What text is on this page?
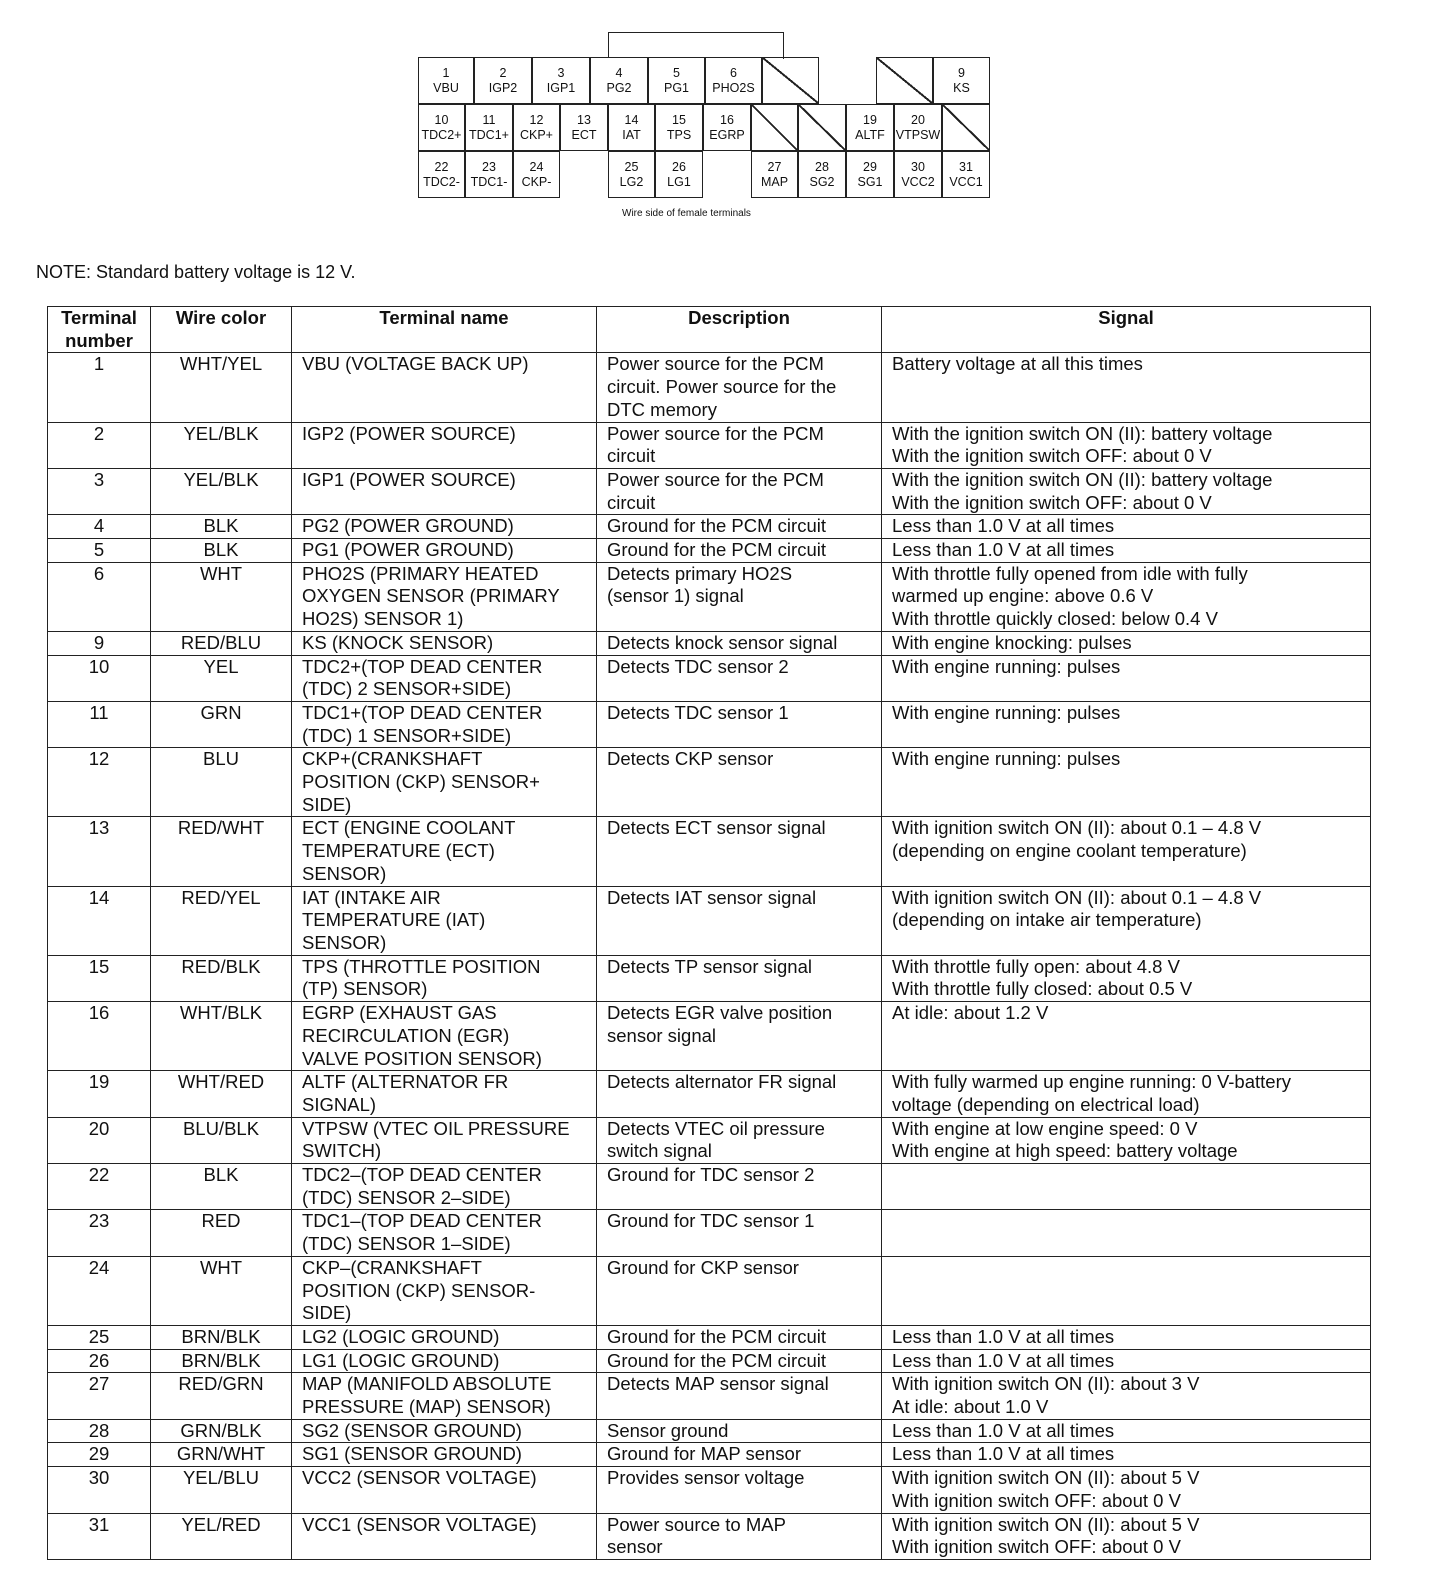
Wire side of female terminals
1
VBU
2
IGP2
3
IGP1
4
PG2
5
PG1
6
PHO2S
9
KS
10
TDC2+
11
TDC1+
12
CKP+
13
ECT
14
IAT
15
TPS
16
EGRP
19
ALTF
20
VTPSW
22
TDC2-
23
TDC1-
24
CKP-
25
LG2
26
LG1
27
MAP
28
SG2
29
SG1
30
VCC2
31
VCC1
NOTE: Standard battery voltage is 12 V.
Terminal
number	Wire color	Terminal name	Description	Signal
1	WHT/YEL	VBU (VOLTAGE BACK UP)	Power source for the PCM
circuit. Power source for the
DTC memory	Battery voltage at all this times
2	YEL/BLK	IGP2 (POWER SOURCE)	Power source for the PCM
circuit	With the ignition switch ON (II): battery voltage
With the ignition switch OFF: about 0 V
3	YEL/BLK	IGP1 (POWER SOURCE)	Power source for the PCM
circuit	With the ignition switch ON (II): battery voltage
With the ignition switch OFF: about 0 V
4	BLK	PG2 (POWER GROUND)	Ground for the PCM circuit	Less than 1.0 V at all times
5	BLK	PG1 (POWER GROUND)	Ground for the PCM circuit	Less than 1.0 V at all times
6	WHT	PHO2S (PRIMARY HEATED
OXYGEN SENSOR (PRIMARY
HO2S) SENSOR 1)	Detects primary HO2S
(sensor 1) signal	With throttle fully opened from idle with fully
warmed up engine: above 0.6 V
With throttle quickly closed: below 0.4 V
9	RED/BLU	KS (KNOCK SENSOR)	Detects knock sensor signal	With engine knocking: pulses
10	YEL	TDC2+(TOP DEAD CENTER
(TDC) 2 SENSOR+SIDE)	Detects TDC sensor 2	With engine running: pulses
11	GRN	TDC1+(TOP DEAD CENTER
(TDC) 1 SENSOR+SIDE)	Detects TDC sensor 1	With engine running: pulses
12	BLU	CKP+(CRANKSHAFT
POSITION (CKP) SENSOR+
SIDE)	Detects CKP sensor	With engine running: pulses
13	RED/WHT	ECT (ENGINE COOLANT
TEMPERATURE (ECT)
SENSOR)	Detects ECT sensor signal	With ignition switch ON (II): about 0.1 – 4.8 V
(depending on engine coolant temperature)
14	RED/YEL	IAT (INTAKE AIR
TEMPERATURE (IAT)
SENSOR)	Detects IAT sensor signal	With ignition switch ON (II): about 0.1 – 4.8 V
(depending on intake air temperature)
15	RED/BLK	TPS (THROTTLE POSITION
(TP) SENSOR)	Detects TP sensor signal	With throttle fully open: about 4.8 V
With throttle fully closed: about 0.5 V
16	WHT/BLK	EGRP (EXHAUST GAS
RECIRCULATION (EGR)
VALVE POSITION SENSOR)	Detects EGR valve position
sensor signal	At idle: about 1.2 V
19	WHT/RED	ALTF (ALTERNATOR FR
SIGNAL)	Detects alternator FR signal	With fully warmed up engine running: 0 V-battery
voltage (depending on electrical load)
20	BLU/BLK	VTPSW (VTEC OIL PRESSURE
SWITCH)	Detects VTEC oil pressure
switch signal	With engine at low engine speed: 0 V
With engine at high speed: battery voltage
22	BLK	TDC2–(TOP DEAD CENTER
(TDC) SENSOR 2–SIDE)	Ground for TDC sensor 2	
23	RED	TDC1–(TOP DEAD CENTER
(TDC) SENSOR 1–SIDE)	Ground for TDC sensor 1	
24	WHT	CKP–(CRANKSHAFT
POSITION (CKP) SENSOR-
SIDE)	Ground for CKP sensor	
25	BRN/BLK	LG2 (LOGIC GROUND)	Ground for the PCM circuit	Less than 1.0 V at all times
26	BRN/BLK	LG1 (LOGIC GROUND)	Ground for the PCM circuit	Less than 1.0 V at all times
27	RED/GRN	MAP (MANIFOLD ABSOLUTE
PRESSURE (MAP) SENSOR)	Detects MAP sensor signal	With ignition switch ON (II): about 3 V
At idle: about 1.0 V
28	GRN/BLK	SG2 (SENSOR GROUND)	Sensor ground	Less than 1.0 V at all times
29	GRN/WHT	SG1 (SENSOR GROUND)	Ground for MAP sensor	Less than 1.0 V at all times
30	YEL/BLU	VCC2 (SENSOR VOLTAGE)	Provides sensor voltage	With ignition switch ON (II): about 5 V
With ignition switch OFF: about 0 V
31	YEL/RED	VCC1 (SENSOR VOLTAGE)	Power source to MAP
sensor	With ignition switch ON (II): about 5 V
With ignition switch OFF: about 0 V
